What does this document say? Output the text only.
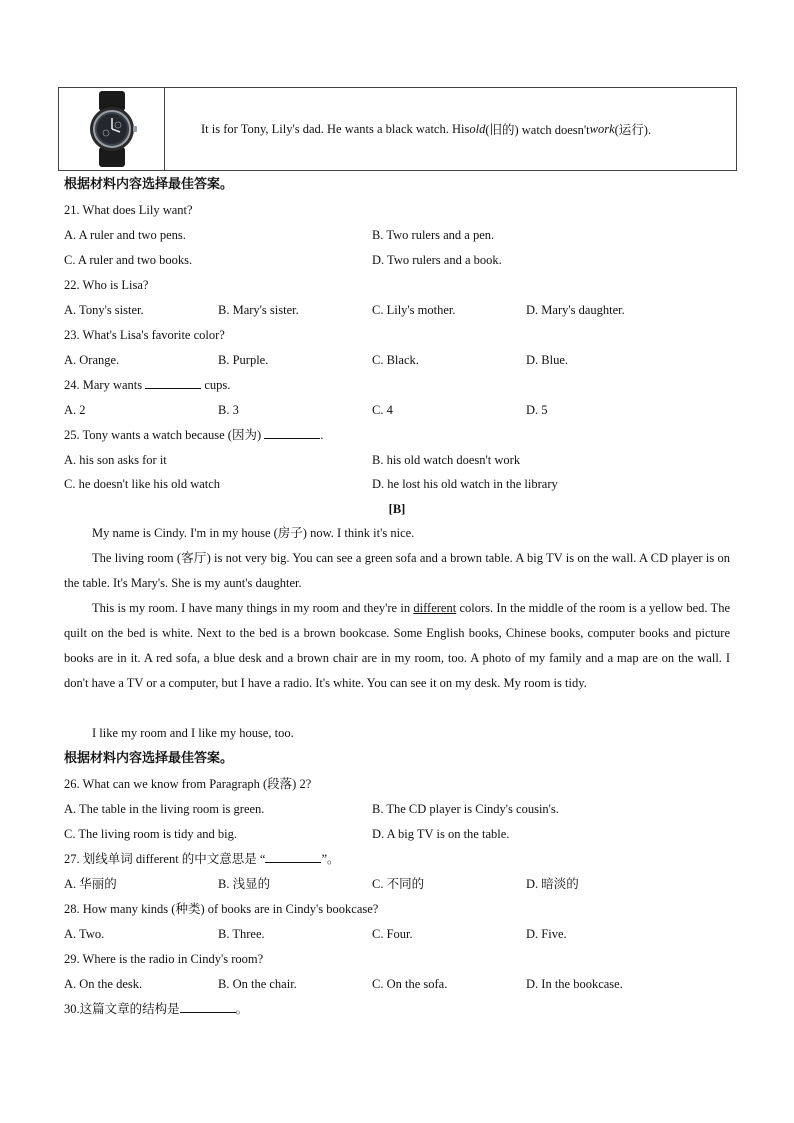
It is for Tony, Lily's dad. He wants a black watch. His old (旧的) watch doesn't work (运行).
根据材料内容选择最佳答案。
21. What does Lily want?
A. A ruler and two pens.	B. Two rulers and a pen.
C. A ruler and two books.	D. Two rulers and a book.
22. Who is Lisa?
A. Tony's sister.	B. Mary's sister.	C. Lily's mother.	D. Mary's daughter.
23. What's Lisa's favorite color?
A. Orange.	B. Purple.	C. Black.	D. Blue.
24. Mary wants	cups.
A. 2	B. 3	C. 4	D. 5
25. Tony wants a watch because (因为)	.
A. his son asks for it	B. his old watch doesn't work
C. he doesn't like his old watch	D. he lost his old watch in the library
[B]
My name is Cindy. I'm in my house (房子) now. I think it's nice.
The living room (客厅) is not very big. You can see a green sofa and a brown table. A big TV is on the wall. A CD player is on the table. It's Mary's. She is my aunt's daughter.
This is my room. I have many things in my room and they're in different colors. In the middle of the room is a yellow bed. The quilt on the bed is white. Next to the bed is a brown bookcase. Some English books, Chinese books, computer books and picture books are in it. A red sofa, a blue desk and a brown chair are in my room, too. A photo of my family and a map are on the wall. I don't have a TV or a computer, but I have a radio. It's white. You can see it on my desk. My room is tidy.
I like my room and I like my house, too.
根据材料内容选择最佳答案。
26. What can we know from Paragraph (段落) 2?
A. The table in the living room is green.	B. The CD player is Cindy's cousin's.
C. The living room is tidy and big.	D. A big TV is on the table.
27. 划线单词 different 的中文意思是 “	”。
A. 华丽的	B. 浅显的	C. 不同的	D. 暗淡的
28. How many kinds (种类) of books are in Cindy's bookcase?
A. Two.	B. Three.	C. Four.	D. Five.
29. Where is the radio in Cindy's room?
A. On the desk.	B. On the chair.	C. On the sofa.	D. In the bookcase.
30.这篇文章的结构是	。
